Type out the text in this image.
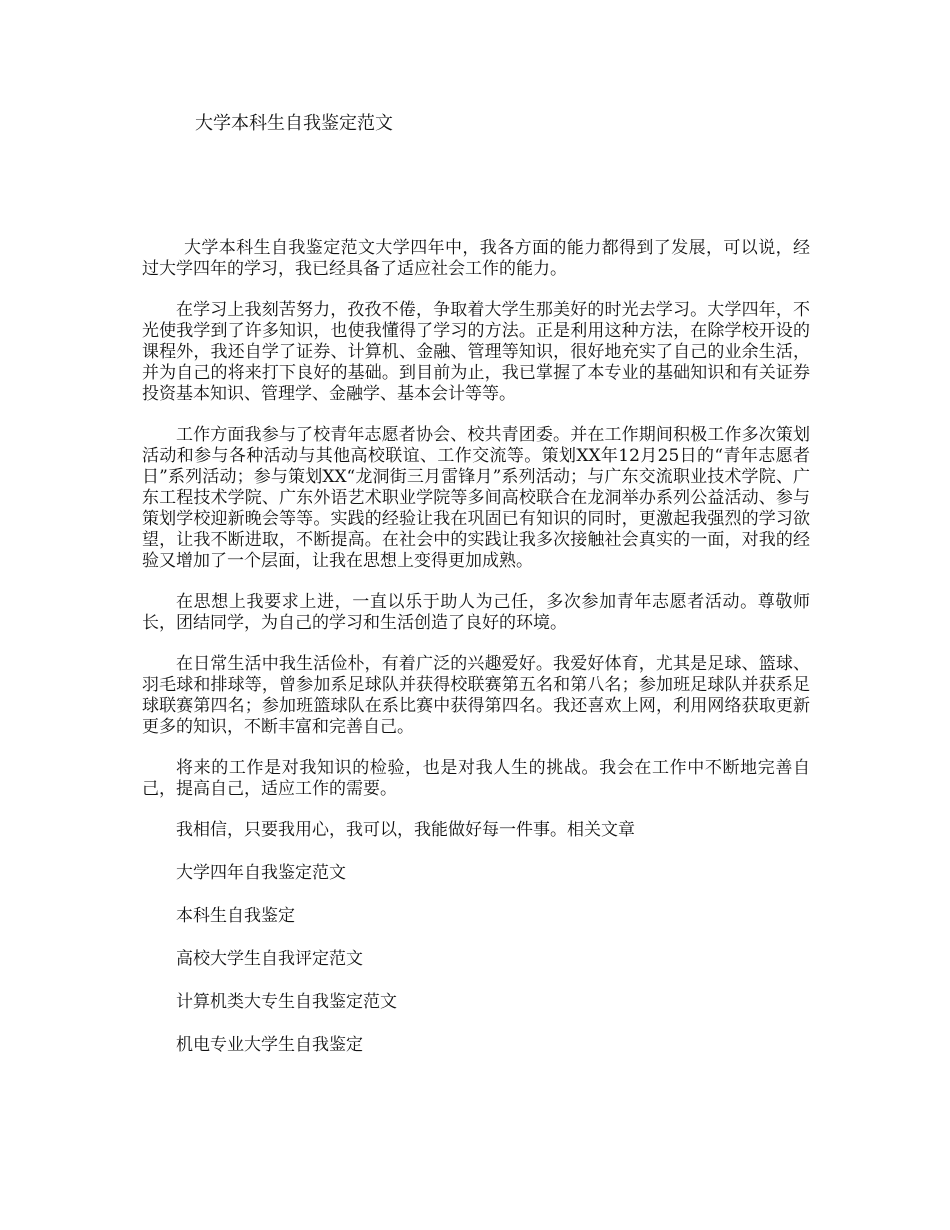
大学本科生自我鉴定范文

大学本科生自我鉴定范文大学四年中，我各方面的能力都得到了发展，可以说，经过大学四年的学习，我已经具备了适应社会工作的能力。

在学习上我刻苦努力，孜孜不倦，争取着大学生那美好的时光去学习。大学四年，不光使我学到了许多知识，也使我懂得了学习的方法。正是利用这种方法，在除学校开设的课程外，我还自学了证券、计算机、金融、管理等知识，很好地充实了自己的业余生活，并为自己的将来打下良好的基础。到目前为止，我已掌握了本专业的基础知识和有关证券投资基本知识、管理学、金融学、基本会计等等。

工作方面我参与了校青年志愿者协会、校共青团委。并在工作期间积极工作多次策划活动和参与各种活动与其他高校联谊、工作交流等。策划XX年12月25日的“青年志愿者日”系列活动；参与策划XX“龙洞街三月雷锋月”系列活动；与广东交流职业技术学院、广东工程技术学院、广东外语艺术职业学院等多间高校联合在龙洞举办系列公益活动、参与策划学校迎新晚会等等。实践的经验让我在巩固已有知识的同时，更激起我强烈的学习欲望，让我不断进取，不断提高。在社会中的实践让我多次接触社会真实的一面，对我的经验又增加了一个层面，让我在思想上变得更加成熟。

在思想上我要求上进，一直以乐于助人为己任，多次参加青年志愿者活动。尊敬师长，团结同学，为自己的学习和生活创造了良好的环境。

在日常生活中我生活俭朴，有着广泛的兴趣爱好。我爱好体育，尤其是足球、篮球、羽毛球和排球等，曾参加系足球队并获得校联赛第五名和第八名；参加班足球队并获系足球联赛第四名；参加班篮球队在系比赛中获得第四名。我还喜欢上网，利用网络获取更新更多的知识，不断丰富和完善自己。

将来的工作是对我知识的检验，也是对我人生的挑战。我会在工作中不断地完善自己，提高自己，适应工作的需要。

我相信，只要我用心，我可以，我能做好每一件事。相关文章

大学四年自我鉴定范文

本科生自我鉴定

高校大学生自我评定范文

计算机类大专生自我鉴定范文

机电专业大学生自我鉴定
